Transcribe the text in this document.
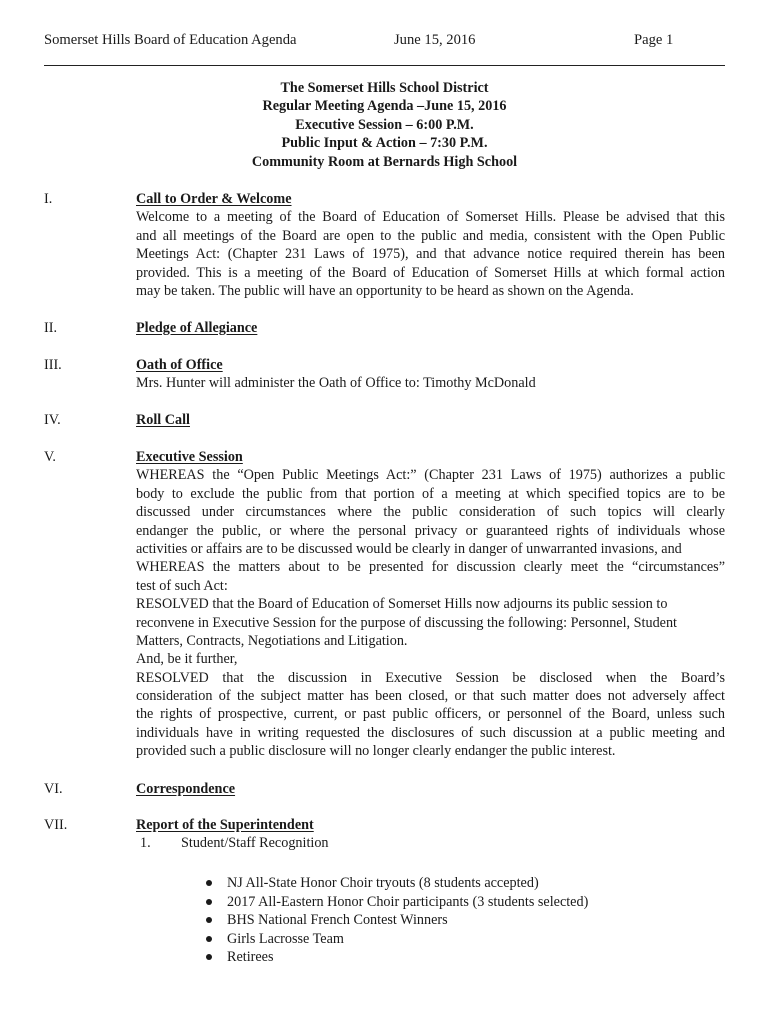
Somerset Hills Board of Education Agenda	June 15, 2016	Page 1
The Somerset Hills School District
Regular Meeting Agenda –June 15, 2016
Executive Session – 6:00 P.M.
Public Input & Action – 7:30 P.M.
Community Room at Bernards High School
I.	Call to Order & Welcome
Welcome to a meeting of the Board of Education of Somerset Hills. Please be advised that this
and all meetings of the Board are open to the public and media, consistent with the Open Public
Meetings Act: (Chapter 231 Laws of 1975), and that advance notice required therein has been
provided. This is a meeting of the Board of Education of Somerset Hills at which formal action
may be taken. The public will have an opportunity to be heard as shown on the Agenda.
II.	Pledge of Allegiance
III.	Oath of Office
Mrs. Hunter will administer the Oath of Office to: Timothy McDonald
IV.	Roll Call
V.	Executive Session
WHEREAS the “Open Public Meetings Act:” (Chapter 231 Laws of 1975) authorizes a public
body to exclude the public from that portion of a meeting at which specified topics are to be
discussed under circumstances where the public consideration of such topics will clearly
endanger the public, or where the personal privacy or guaranteed rights of individuals whose
activities or affairs are to be discussed would be clearly in danger of unwarranted invasions, and
WHEREAS the matters about to be presented for discussion clearly meet the “circumstances”
test of such Act:
RESOLVED that the Board of Education of Somerset Hills now adjourns its public session to
reconvene in Executive Session for the purpose of discussing the following: Personnel, Student
Matters, Contracts, Negotiations and Litigation.
And, be it further,
RESOLVED that the discussion in Executive Session be disclosed when the Board’s
consideration of the subject matter has been closed, or that such matter does not adversely affect
the rights of prospective, current, or past public officers, or personnel of the Board, unless such
individuals have in writing requested the disclosures of such discussion at a public meeting and
provided such a public disclosure will no longer clearly endanger the public interest.
VI.	Correspondence
VII.	Report of the Superintendent
1. Student/Staff Recognition
NJ All-State Honor Choir tryouts (8 students accepted)
2017 All-Eastern Honor Choir participants (3 students selected)
BHS National French Contest Winners
Girls Lacrosse Team
Retirees
